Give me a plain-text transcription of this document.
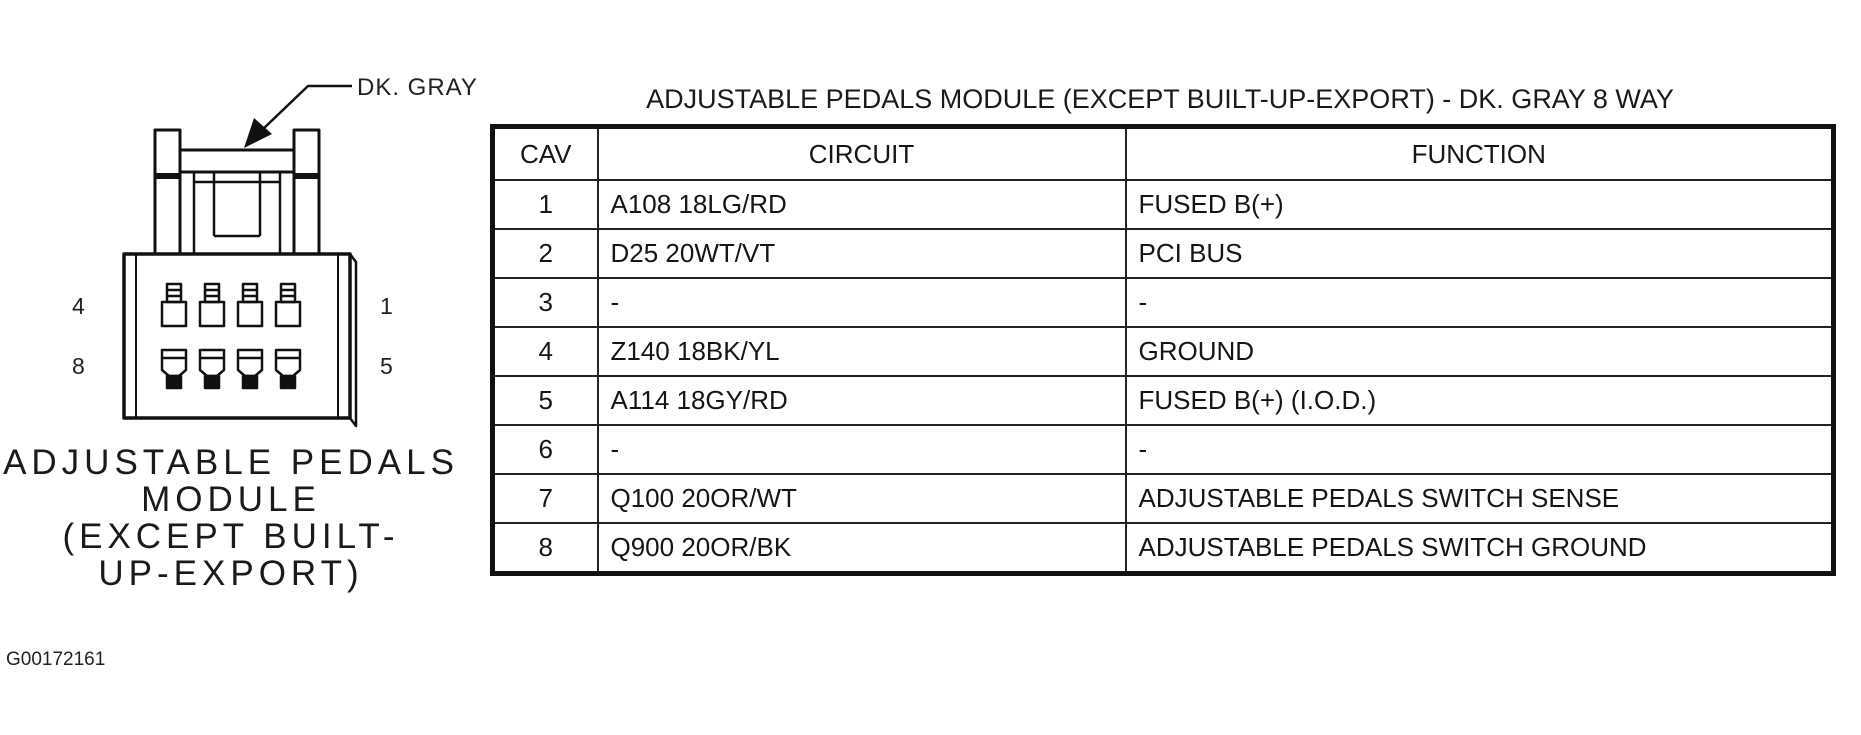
DK. GRAY
4	1
8	5
ADJUSTABLE PEDALS
MODULE
(EXCEPT BUILT-
UP-EXPORT)
G00172161
ADJUSTABLE PEDALS MODULE (EXCEPT BUILT-UP-EXPORT) - DK. GRAY 8 WAY
CAV	CIRCUIT	FUNCTION
1	A108 18LG/RD	FUSED B(+)
2	D25 20WT/VT	PCI BUS
3	-	-
4	Z140 18BK/YL	GROUND
5	A114 18GY/RD	FUSED B(+) (I.O.D.)
6	-	-
7	Q100 20OR/WT	ADJUSTABLE PEDALS SWITCH SENSE
8	Q900 20OR/BK	ADJUSTABLE PEDALS SWITCH GROUND
